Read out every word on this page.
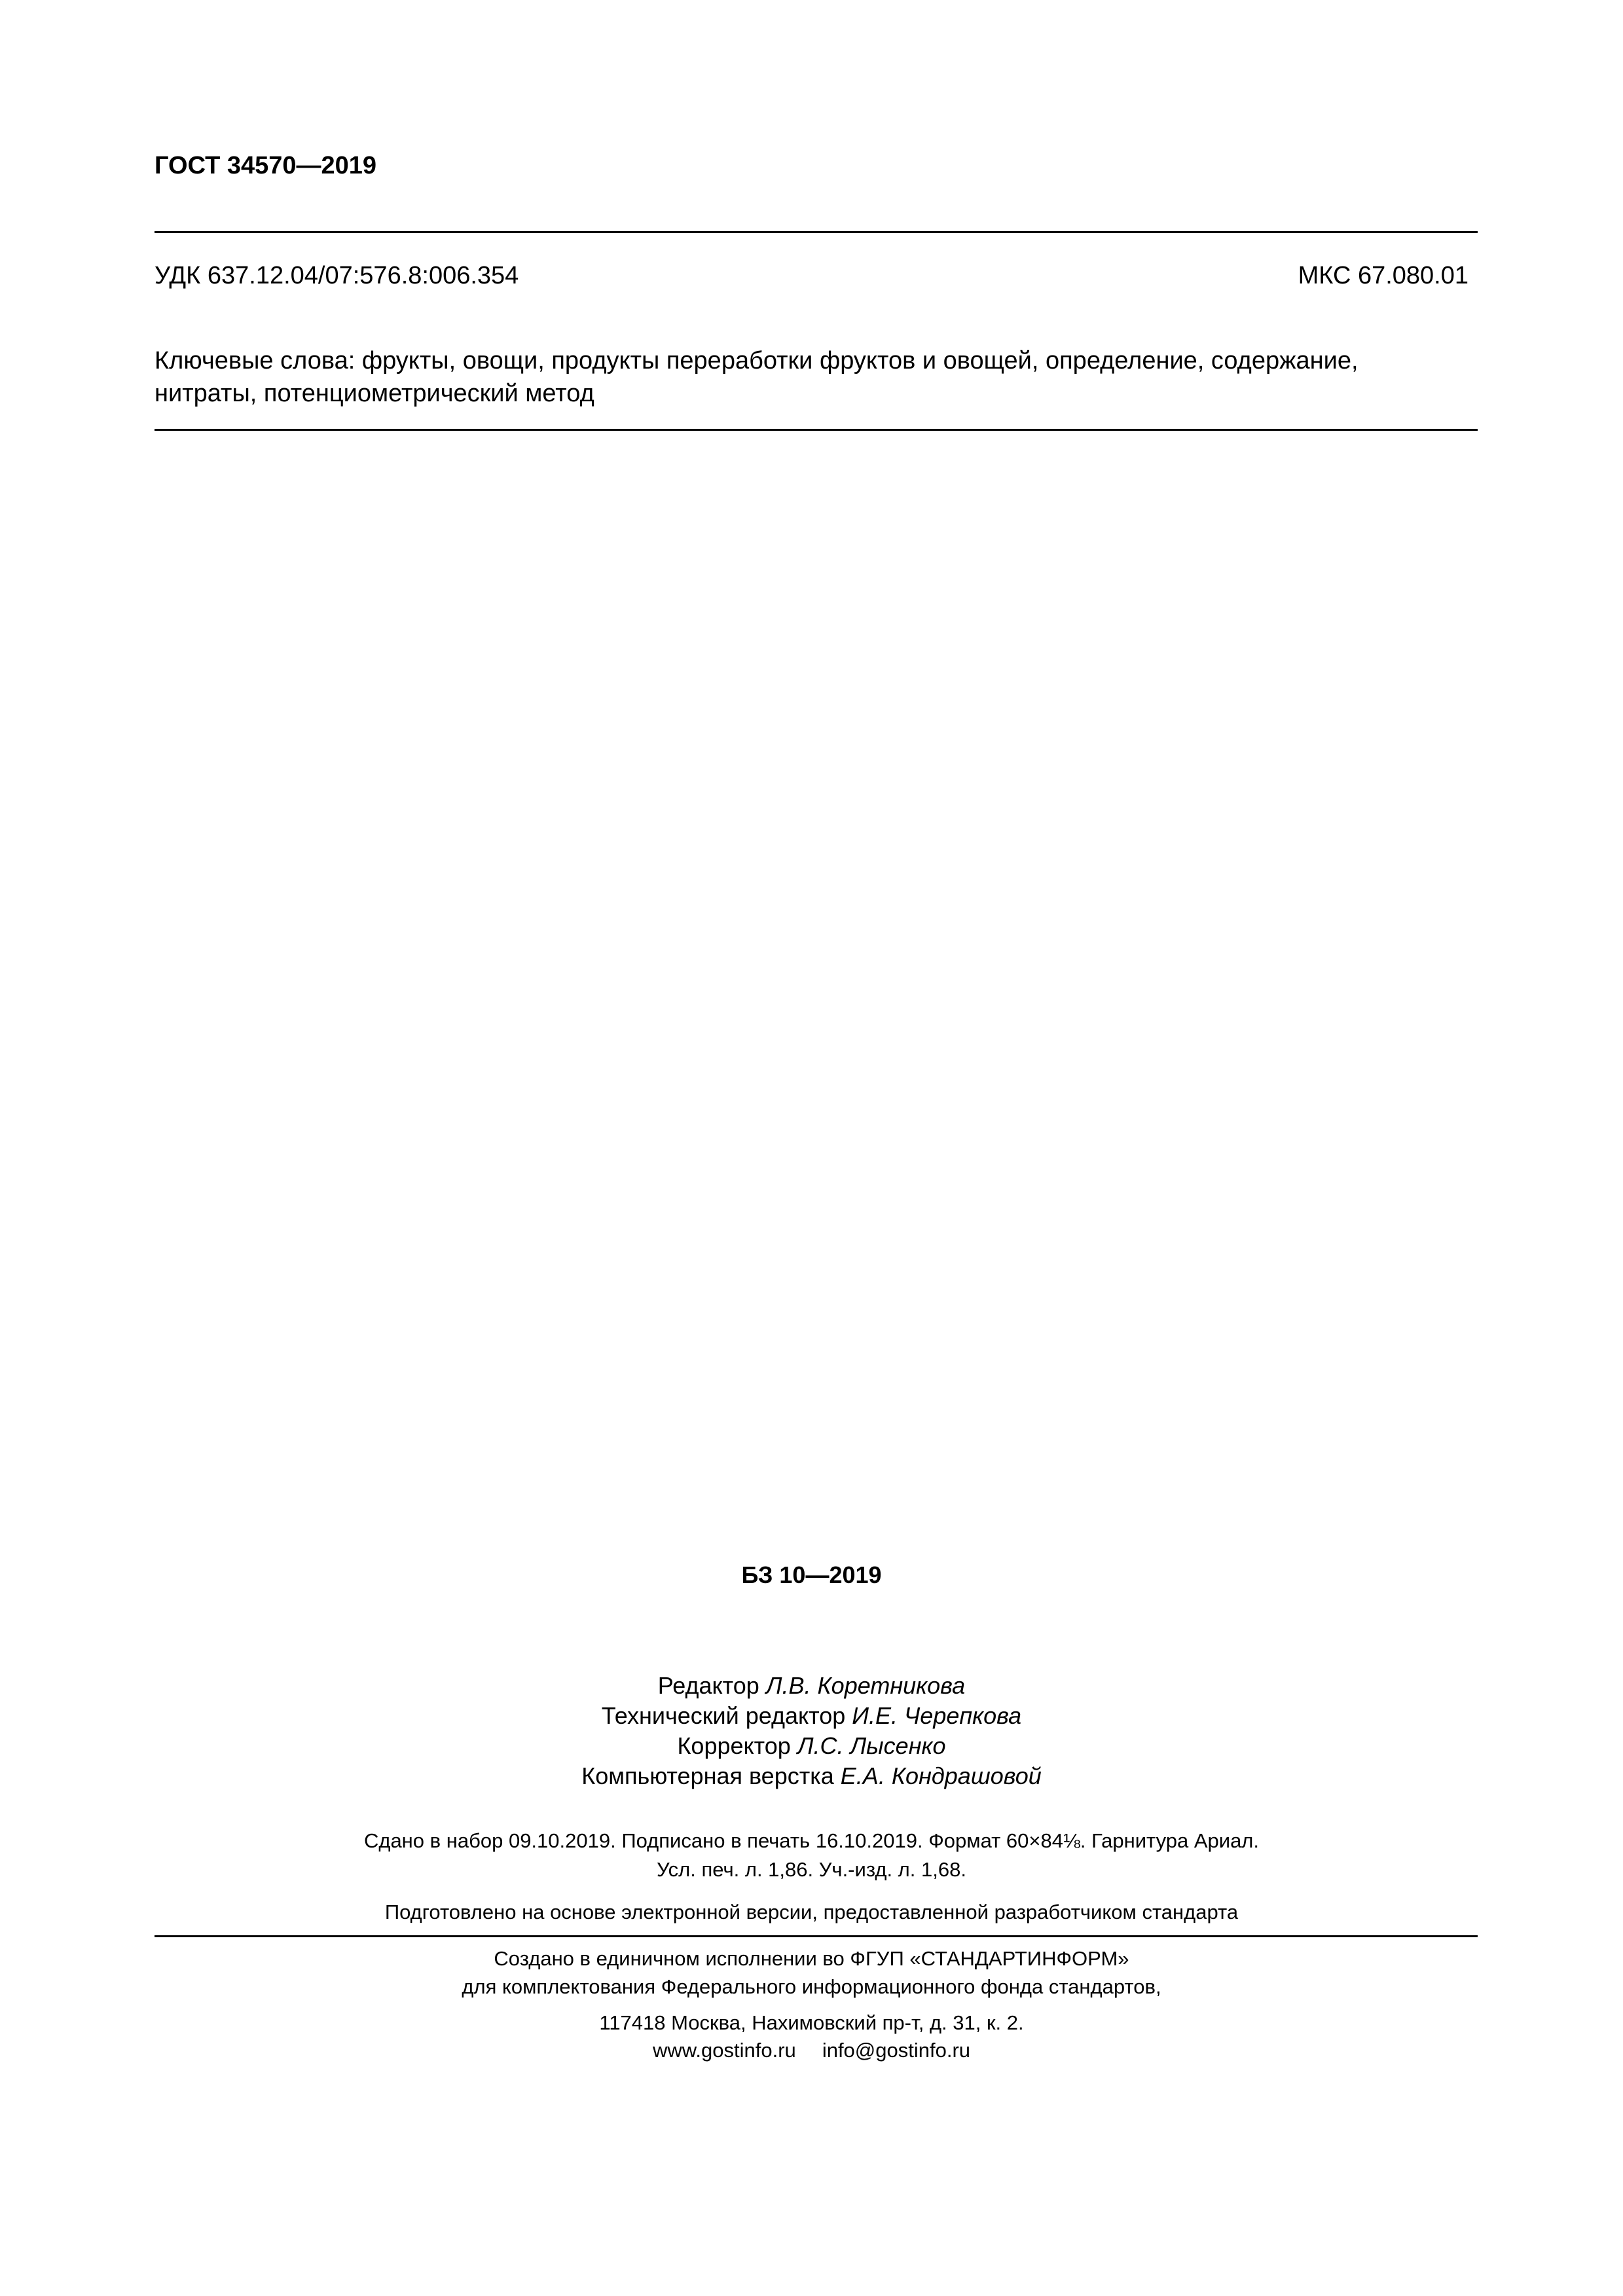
ГОСТ 34570—2019
УДК 637.12.04/07:576.8:006.354	МКС 67.080.01
Ключевые слова: фрукты, овощи, продукты переработки фруктов и овощей, определение, содержание,
нитраты, потенциометрический метод
БЗ 10—2019
Редактор Л.В. Коретникова
Технический редактор И.Е. Черепкова
Корректор Л.С. Лысенко
Компьютерная верстка Е.А. Кондрашовой
Сдано в набор 09.10.2019. Подписано в печать 16.10.2019. Формат 60×84⅛. Гарнитура Ариал.
Усл. печ. л. 1,86. Уч.-изд. л. 1,68.
Подготовлено на основе электронной версии, предоставленной разработчиком стандарта
Создано в единичном исполнении во ФГУП «СТАНДАРТИНФОРМ»
для комплектования Федерального информационного фонда стандартов,
117418 Москва, Нахимовский пр-т, д. 31, к. 2.
www.gostinfo.ru info@gostinfo.ru
